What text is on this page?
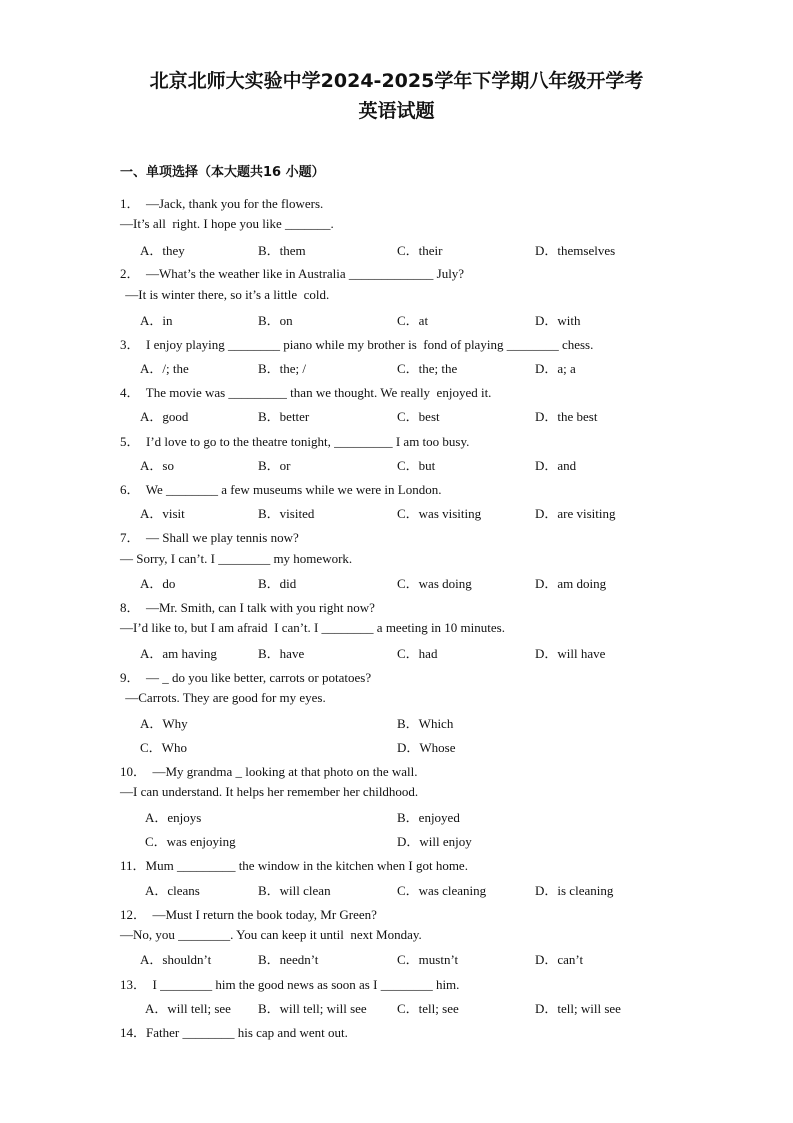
北京北师大实验中学2024-2025学年下学期八年级开学考
英语试题
一、单项选择（本大题共16 小题）
1．  —Jack, thank you for the flowers.
—It’s all  right. I hope you like _______.
A．they	B．them	C．their	D．themselves
2．  —What’s the weather like in Australia _____________ July?
—It is winter there, so it’s a little  cold.
A．in	B．on	C．at	D．with
3．  I enjoy playing ________ piano while my brother is  fond of playing ________ chess.
A．/; the	B．the; /	C．the; the	D．a; a
4．  The movie was _________ than we thought. We really  enjoyed it.
A．good	B．better	C．best	D．the best
5．  I’d love to go to the theatre tonight, _________ I am too busy.
A．so	B．or	C．but	D．and
6．  We ________ a few museums while we were in London.
A．visit	B．visited	C．was visiting	D．are visiting
7．  — Shall we play tennis now?
— Sorry, I can’t. I ________ my homework.
A．do	B．did	C．was doing	D．am doing
8．  —Mr. Smith, can I talk with you right now?
—I’d like to, but I am afraid  I can’t. I ________ a meeting in 10 minutes.
A．am having	B．have	C．had	D．will have
9．  — _ do you like better, carrots or potatoes?
—Carrots. They are good for my eyes.
A．Why	B．Which
C．Who	D．Whose
10．  —My grandma _ looking at that photo on the wall.
—I can understand. It helps her remember her childhood.
A．enjoys	B．enjoyed
C．was enjoying	D．will enjoy
11．Mum _________ the window in the kitchen when I got home.
A．cleans	B．will clean	C．was cleaning	D．is cleaning
12．  —Must I return the book today, Mr Green?
—No, you ________. You can keep it until  next Monday.
A．shouldn’t	B．needn’t	C．mustn’t	D．can’t
13．  I ________ him the good news as soon as I ________ him.
A．will tell; see B．will tell; will see C．tell; see	D．tell; will see
14．Father ________ his cap and went out.
